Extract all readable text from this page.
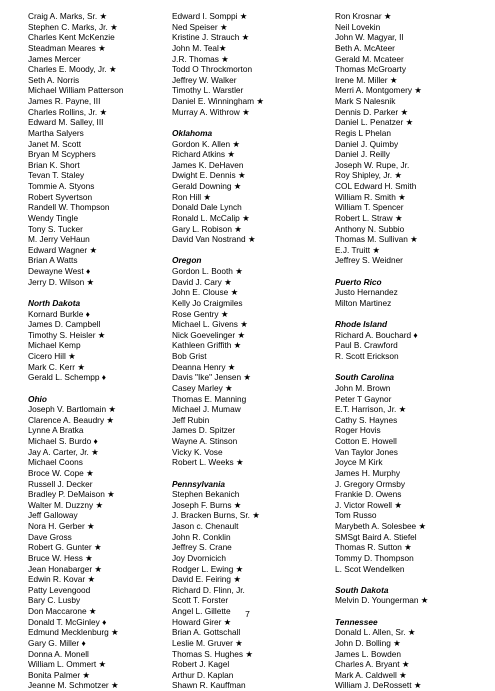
Craig A. Marks, Sr. ★
Stephen C. Marks, Jr. ★
Charles Kent McKenzie
Steadman Meares ★
James Mercer
Charles E. Moody, Jr. ★
Seth A. Norris
Michael William Patterson
James R. Payne, III
Charles Rollins, Jr. ★
Edward M. Salley, III
Martha Salyers
Janet M. Scott
Bryan M Scyphers
Brian K. Short
Tevan T. Staley
Tommie A. Styons
Robert Syvertson
Randell W. Thompson
Wendy Tingle
Tony S. Tucker
M. Jerry VeHaun
Edward Wagner ★
Brian A Watts
Dewayne West ♦
Jerry D. Wilson ★
North Dakota
Kornard Burkle ♦
James D. Campbell
Timothy S. Heisler ★
Michael Kemp
Cicero Hill ★
Mark C. Kerr ★
Gerald L. Schempp ♦
Ohio
Joseph V. Bartlomain ★
Clarence A. Beaudry ★
Lynne A Bratka
Michael S. Burdo ♦
Jay A. Carter, Jr. ★
Michael Coons
Broce W. Cope ★
Russell J. Decker
Bradley P. DeMaison ★
Walter M. Duzzny ★
Jeff Galloway
Nora H. Gerber ★
Dave Gross
Robert G. Gunter ★
Bruce W. Hess ★
Jean Honabarger ★
Edwin R. Kovar ★
Patty Levengood
Bary C. Lusby
Don Maccarone ★
Donald T. McGinley ♦
Edmund Mecklenburg ★
Gary G. Miller ♦
Donna A. Monell
William L. Ommert ★
Bonita Palmer ★
Jeanne M. Schmotzer ★
Edward I. Somppi ★
Ned Speiser ★
Kristine J. Strauch ★
John M. Teal★
J.R. Thomas ★
Todd O Throckmorton
Jeffrey W. Walker
Timothy L. Warstler
Daniel E. Winningham ★
Murray A. Withrow ★
Oklahoma
Gordon K. Allen ★
Richard Atkins ★
James K. DeHaven
Dwight E. Dennis ★
Gerald Downing ★
Ron Hill ★
Donald Dale Lynch
Ronald L. McCalip ★
Gary L. Robison ★
David Van Nostrand ★
Oregon
Gordon L. Booth ★
David J. Cary ★
John E. Clouse ★
Kelly Jo Craigmiles
Rose Gentry ★
Michael L. Givens ★
Nick Goevelinger ★
Kathleen Griffith ★
Bob Grist
Deanna Henry ★
Davis "Ike" Jensen ★
Casey Marley ★
Thomas E. Manning
Michael J. Mumaw
Jeff Rubin
James D. Spitzer
Wayne A. Stinson
Vicky K. Vose
Robert L. Weeks ★
Pennsylvania
Stephen Bekanich
Joseph F. Burns ★
J. Bracken Burns, Sr. ★
Jason c. Chenault
John R. Conklin
Jeffrey S. Crane
Joy Dvornicich
Rodger L. Ewing ★
David E. Feiring ★
Richard D. Flinn, Jr.
Scott T. Forster
Angel L. Gillette
Howard Girer ★
Brian A. Gottschall
Leslie M. Gruver ★
Thomas S. Hughes ★
Robert J. Kagel
Arthur D. Kaplan
Shawn R. Kauffman
Ron Krosnar ★
Neil Lovekin
John W. Magyar, II
Beth A. McAteer
Gerald M. Mcateer
Thomas McGroarty
Irene M. Miller ★
Merri A. Montgomery ★
Mark S Nalesnik
Dennis D. Parker ★
Daniel L. Penatzer ★
Regis L Phelan
Daniel J. Quimby
Daniel J. Reilly
Joseph W. Rupe, Jr.
Roy Shipley, Jr. ★
COL Edward H. Smith
William R. Smith ★
William T. Spencer
Robert L. Straw ★
Anthony N. Subbio
Thomas M. Sullivan ★
E.J. Truitt ★
Jeffrey S. Weidner
Puerto Rico
Justo Hernandez
Milton Martinez
Rhode Island
Richard A. Bouchard ♦
Paul B. Crawford
R. Scott Erickson
South Carolina
John M. Brown
Peter T Gaynor
E.T. Harrison, Jr. ★
Cathy S. Haynes
Roger Hovis
Cotton E. Howell
Van Taylor Jones
Joyce M Kirk
James H. Murphy
J. Gregory Ormsby
Frankie D. Owens
J. Victor Rowell ★
Tom Russo
Marybeth A. Solesbee ★
SMSgt Baird A. Stiefel
Thomas R. Sutton ★
Tommy D. Thompson
L. Scot Wendelken
South Dakota
Melvin D. Youngerman ★
Tennessee
Donald L. Allen, Sr. ★
John D. Bolling ★
James L. Bowden
Charles A. Bryant ★
Mark A. Caldwell ★
William J. DeRossett ★
7
